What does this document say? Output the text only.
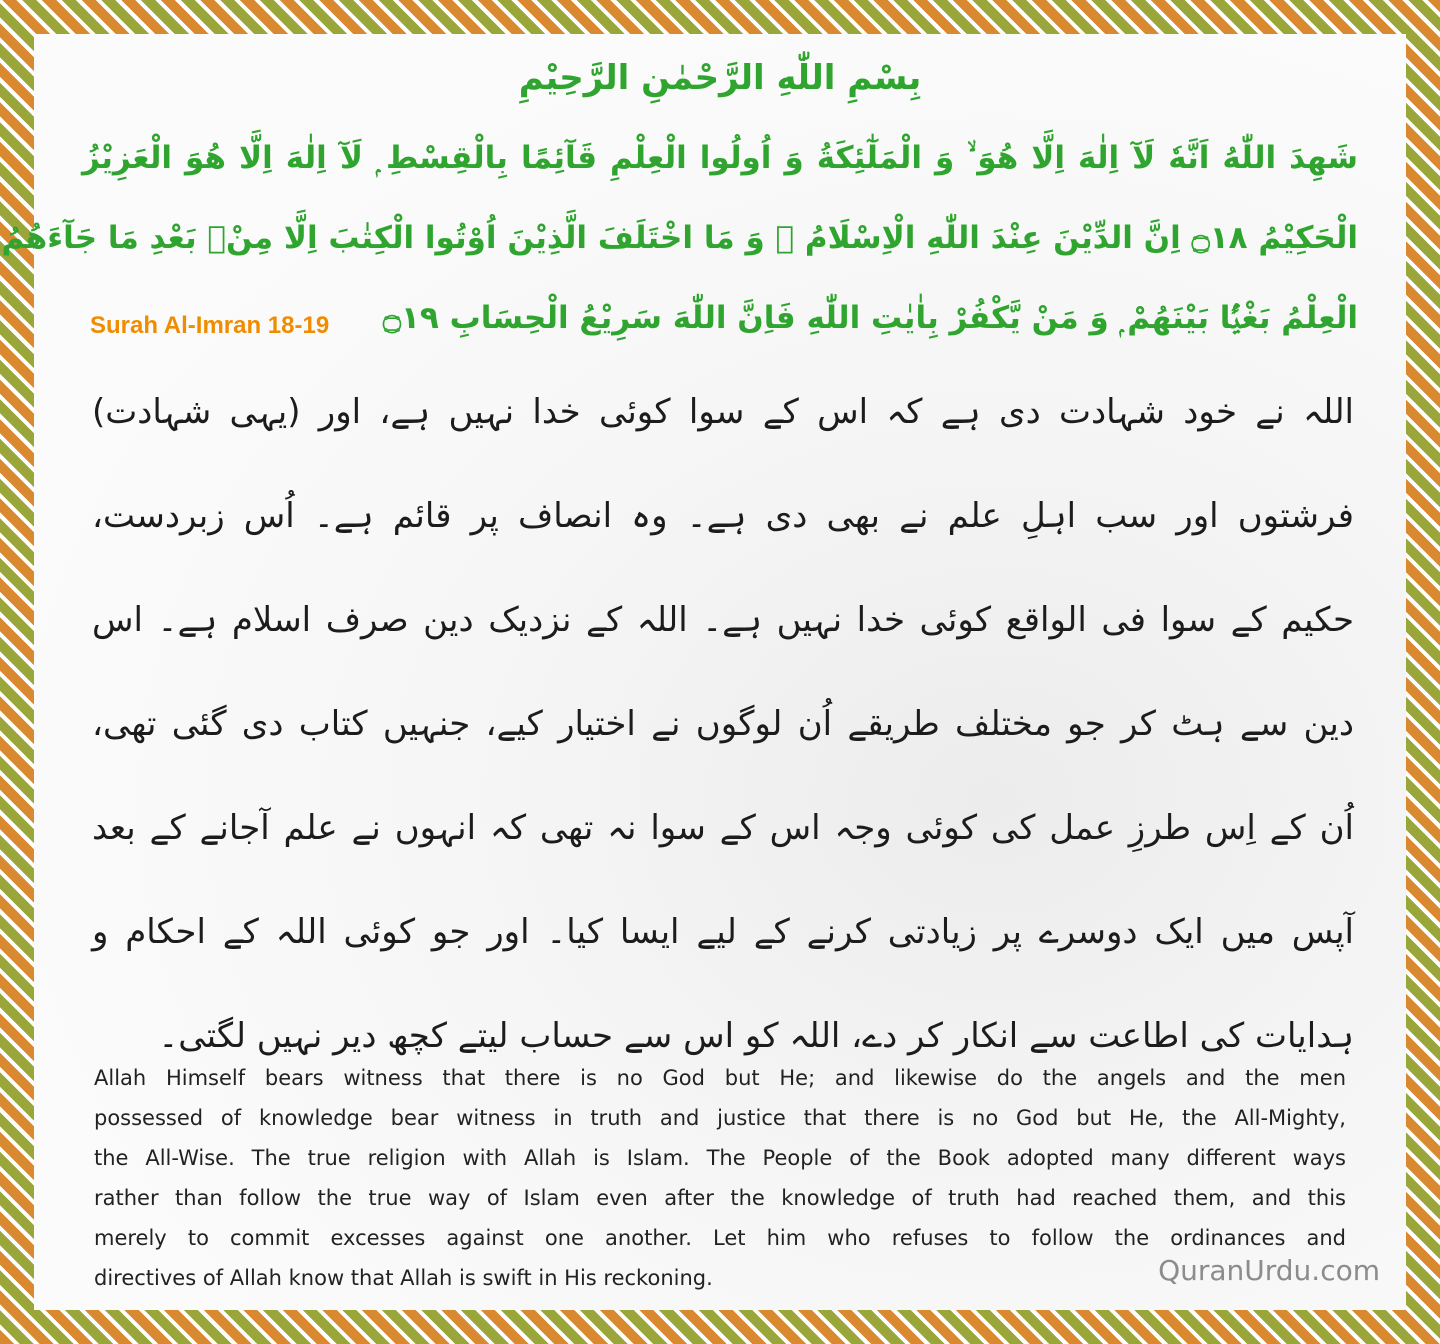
بِسْمِ اللّٰهِ الرَّحْمٰنِ الرَّحِيْمِ
شَهِدَ اللّٰهُ اَنَّهٗ لَآ اِلٰهَ اِلَّا هُوَ ۙ وَ الْمَلٰٓئِكَةُ وَ اُولُوا الْعِلْمِ قَآئِمًا بِالْقِسْطِ ۭ لَآ اِلٰهَ اِلَّا هُوَ الْعَزِيْزُ
الْحَكِيْمُ ۝۱۸ اِنَّ الدِّيْنَ عِنْدَ اللّٰهِ الْاِسْلَامُ ۣ وَ مَا اخْتَلَفَ الَّذِيْنَ اُوْتُوا الْكِتٰبَ اِلَّا مِنْۢ بَعْدِ مَا جَآءَهُمُ
الْعِلْمُ بَغْيًۢا بَيْنَهُمْ ۭ وَ مَنْ يَّكْفُرْ بِاٰيٰتِ اللّٰهِ فَاِنَّ اللّٰهَ سَرِيْعُ الْحِسَابِ ۝۱۹
Surah Al-Imran 18-19
اللہ نے خود شہادت دی ہے کہ اس کے سوا کوئی خدا نہیں ہے، اور (یہی شہادت)
فرشتوں اور سب اہلِ علم نے بھی دی ہے۔ وہ انصاف پر قائم ہے۔ اُس زبردست،
حکیم کے سوا فی الواقع کوئی خدا نہیں ہے۔ اللہ کے نزدیک دین صرف اسلام ہے۔ اس
دین سے ہٹ کر جو مختلف طریقے اُن لوگوں نے اختیار کیے، جنہیں کتاب دی گئی تھی،
اُن کے اِس طرزِ عمل کی کوئی وجہ اس کے سوا نہ تھی کہ انہوں نے علم آجانے کے بعد
آپس میں ایک دوسرے پر زیادتی کرنے کے لیے ایسا کیا۔ اور جو کوئی اللہ کے احکام و
ہدایات کی اطاعت سے انکار کر دے، اللہ کو اس سے حساب لیتے کچھ دیر نہیں لگتی۔
Allah Himself bears witness that there is no God but He; and likewise do the angels and the men
possessed of knowledge bear witness in truth and justice that there is no God but He, the All-Mighty,
the All-Wise. The true religion with Allah is Islam. The People of the Book adopted many different ways
rather than follow the true way of Islam even after the knowledge of truth had reached them, and this
merely to commit excesses against one another. Let him who refuses to follow the ordinances and
directives of Allah know that Allah is swift in His reckoning.	QuranUrdu.com
